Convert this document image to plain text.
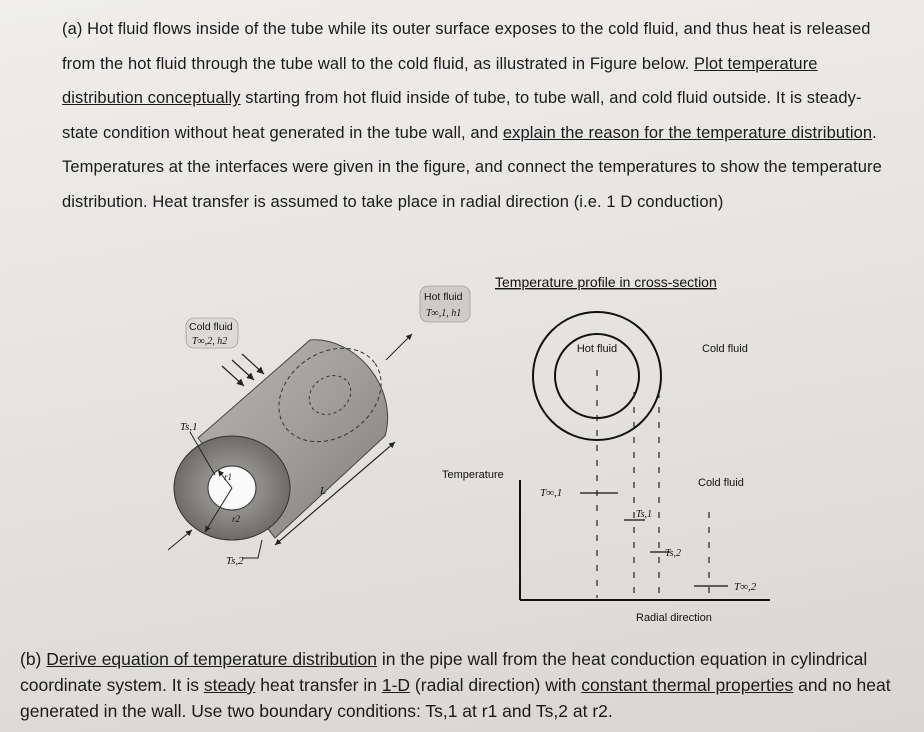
(a) Hot fluid flows inside of the tube while its outer surface exposes to the cold fluid, and thus heat is released from the hot fluid through the tube wall to the cold fluid, as illustrated in Figure below. Plot temperature distribution conceptually starting from hot fluid inside of tube, to tube wall, and cold fluid outside. It is steady-state condition without heat generated in the tube wall, and explain the reason for the temperature distribution. Temperatures at the interfaces were given in the figure, and connect the temperatures to show the temperature distribution. Heat transfer is assumed to take place in radial direction (i.e. 1 D conduction)
Cold fluid
T∞,2, h2
Hot fluid
T∞,1, h1
Ts,1
Ts,2
r1
r2
L
Temperature profile in cross-section
Hot fluid	Cold fluid
Cold fluid
Temperature
Radial direction
T∞,1
Ts,1
Ts,2
T∞,2
(b) Derive equation of temperature distribution in the pipe wall from the heat conduction equation in cylindrical coordinate system. It is steady heat transfer in 1-D (radial direction) with constant thermal properties and no heat generated in the wall. Use two boundary conditions: Ts,1 at r1 and Ts,2 at r2.
